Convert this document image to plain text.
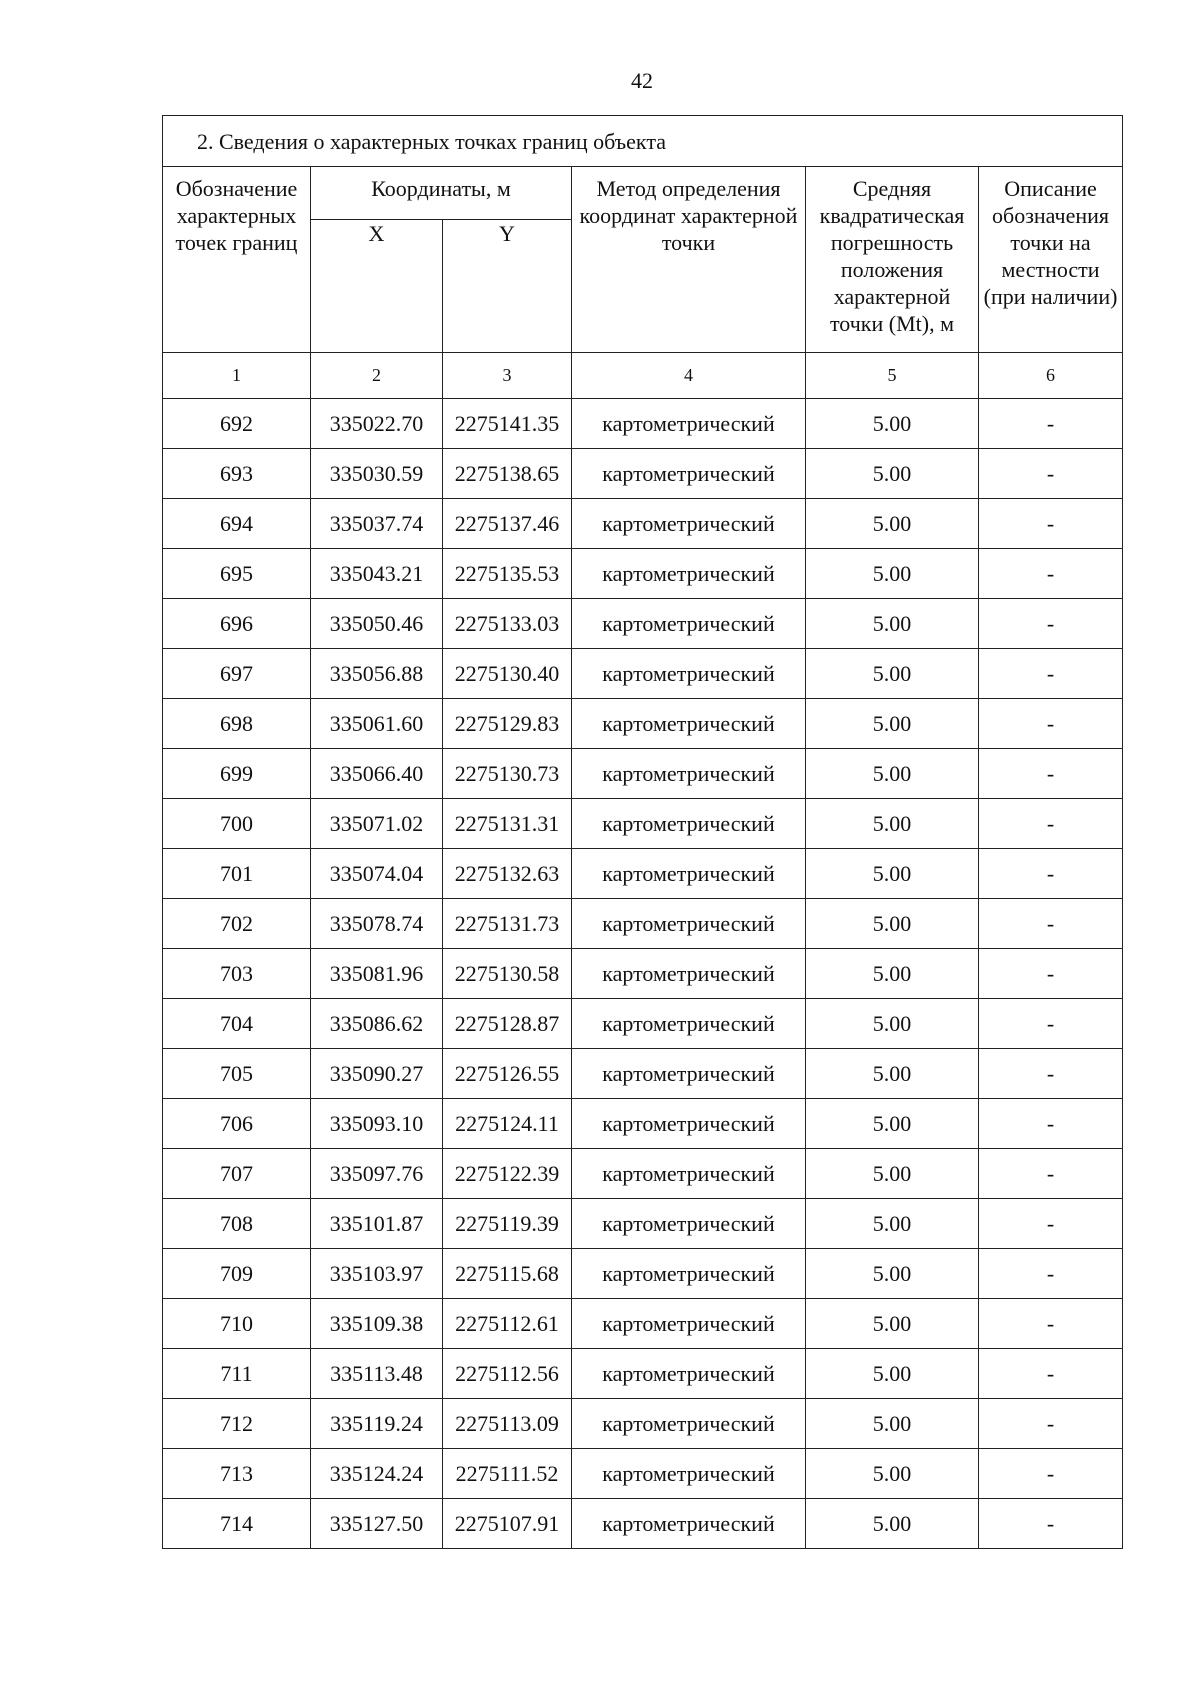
42
2. Сведения о характерных точках границ объекта					
Обозначение характерных точек границ	Координаты, м		Метод определения координат характерной точки	Средняя квадратическая погрешность положения характерной точки (Mt), м	Описание обозначения точки на местности (при наличии)
	X	Y			
1	2	3	4	5	6
692	335022.70	2275141.35	картометрический	5.00	-
693	335030.59	2275138.65	картометрический	5.00	-
694	335037.74	2275137.46	картометрический	5.00	-
695	335043.21	2275135.53	картометрический	5.00	-
696	335050.46	2275133.03	картометрический	5.00	-
697	335056.88	2275130.40	картометрический	5.00	-
698	335061.60	2275129.83	картометрический	5.00	-
699	335066.40	2275130.73	картометрический	5.00	-
700	335071.02	2275131.31	картометрический	5.00	-
701	335074.04	2275132.63	картометрический	5.00	-
702	335078.74	2275131.73	картометрический	5.00	-
703	335081.96	2275130.58	картометрический	5.00	-
704	335086.62	2275128.87	картометрический	5.00	-
705	335090.27	2275126.55	картометрический	5.00	-
706	335093.10	2275124.11	картометрический	5.00	-
707	335097.76	2275122.39	картометрический	5.00	-
708	335101.87	2275119.39	картометрический	5.00	-
709	335103.97	2275115.68	картометрический	5.00	-
710	335109.38	2275112.61	картометрический	5.00	-
711	335113.48	2275112.56	картометрический	5.00	-
712	335119.24	2275113.09	картометрический	5.00	-
713	335124.24	2275111.52	картометрический	5.00	-
714	335127.50	2275107.91	картометрический	5.00	-
